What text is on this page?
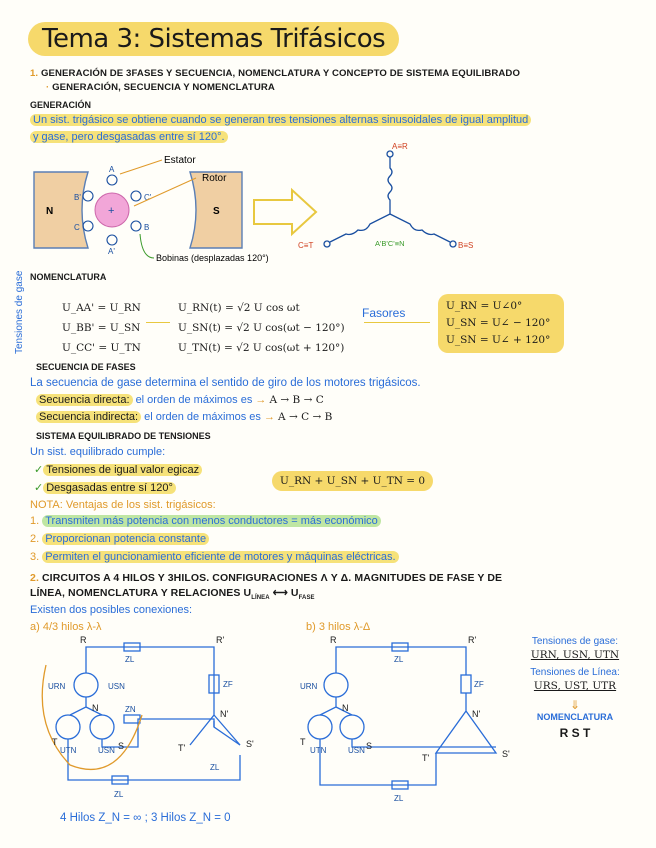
Tema 3: Sistemas Trifásicos
1. GENERACIÓN DE 3FASES Y SECUENCIA, NOMENCLATURA Y CONCEPTO DE SISTEMA EQUILIBRADO
· GENERACIÓN, SECUENCIA Y NOMENCLATURA
GENERACIÓN
Un sist. trigásico se obtiene cuando se generan tres tensiones alternas sinusoidales de igual amplitud
y gase, pero desgasadas entre sí 120°.
+
N	S
A
C'
B
C
B'
A'
Estator
Rotor
Bobinas (desplazadas 120°)
A≡R
B≡S
C≡T	A'B'C'≡N
NOMENCLATURA
Tensiones de gase	U_AA' = U_RN
U_BB' = U_SN
U_CC' = U_TN
U_RN(t) = √2 U cos ωt
U_SN(t) = √2 U cos(ωt − 120°)
U_TN(t) = √2 U cos(ωt + 120°)
Fasores	U_RN = U∠0°
U_SN = U∠ − 120°
U_SN = U∠ + 120°
SECUENCIA DE FASES
La secuencia de gase determina el sentido de giro de los motores trigásicos.
Secuencia directa: el orden de máximos es → A → B → C
Secuencia indirecta: el orden de máximos es → A → C → B
SISTEMA EQUILIBRADO DE TENSIONES
Un sist. equilibrado cumple:
✓ Tensiones de igual valor egicaz
✓ Desgasadas entre sí 120°
U_RN + U_SN + U_TN = 0
NOTA: Ventajas de los sist. trigásicos:
1. Transmiten más potencia con menos conductores = más económico
2. Proporcionan potencia constante
3. Permiten el guncionamiento eficiente de motores y máquinas eléctricas.
2. CIRCUITOS A 4 HILOS Y 3HILOS. CONFIGURACIONES Λ Y Δ. MAGNITUDES DE FASE Y DE
LÍNEA, NOMENCLATURA Y RELACIONES $U_{LÍNEA}$ ⟷ $U_{FASE}$
Existen dos posibles conexiones:
a) 4/3 hilos λ-λ	b) 3 hilos λ-Δ
R	R'
N
N'
T	S	T'	S'
ZL
ZF
ZN
ZL
ZL
URN	USN
UTN	USN
R	R'
N
N'
T	S
T'	S'
ZL
ZF
ZL
URN
UTN	USN
Tensiones de gase:
URN, USN, UTN
Tensiones de Línea:
URS, UST, UTR
⇓
NOMENCLATURA
R S T
4 Hilos Z_N = ∞ ; 3 Hilos Z_N = 0
